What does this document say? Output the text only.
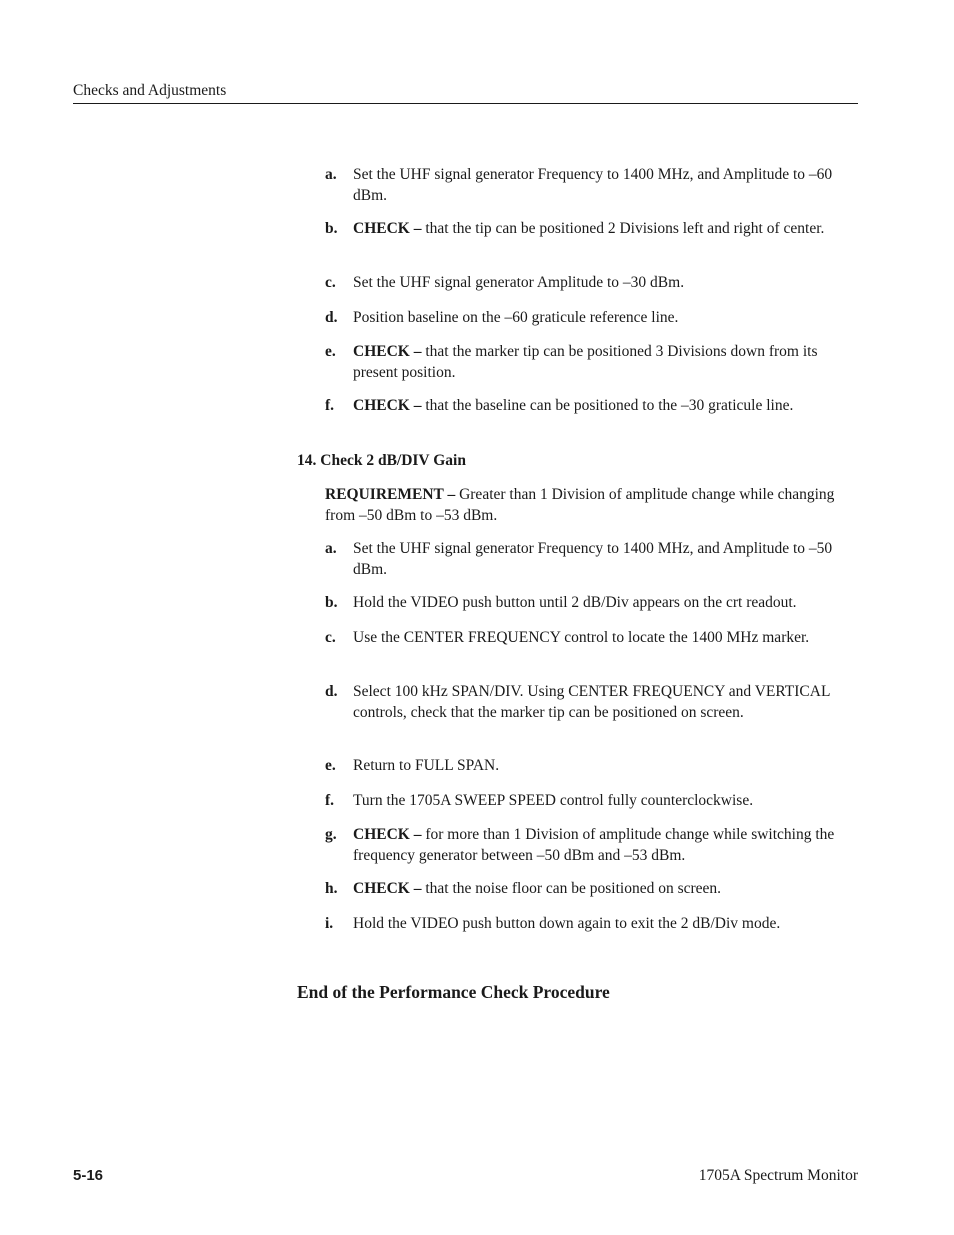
Checks and Adjustments
a.	Set the UHF signal generator Frequency to 1400 MHz, and Amplitude to –60 dBm.
b.	CHECK – that the tip can be positioned 2 Divisions left and right of center.
c.	Set the UHF signal generator Amplitude to –30 dBm.
d.	Position baseline on the –60 graticule reference line.
e.	CHECK – that the marker tip can be positioned 3 Divisions down from its present position.
f.	CHECK – that the baseline can be positioned to the –30 graticule line.
14. Check 2 dB/DIV Gain
REQUIREMENT – Greater than 1 Division of amplitude change while changing from –50 dBm to –53 dBm.
a.	Set the UHF signal generator Frequency to 1400 MHz, and Amplitude to –50 dBm.
b.	Hold the VIDEO push button until 2 dB/Div appears on the crt readout.
c.	Use the CENTER FREQUENCY control to locate the 1400 MHz marker.
d.	Select 100 kHz SPAN/DIV. Using CENTER FREQUENCY and VERTICAL controls, check that the marker tip can be positioned on screen.
e.	Return to FULL SPAN.
f.	Turn the 1705A SWEEP SPEED control fully counterclockwise.
g.	CHECK – for more than 1 Division of amplitude change while switching the frequency generator between –50 dBm and –53 dBm.
h.	CHECK – that the noise floor can be positioned on screen.
i.	Hold the VIDEO push button down again to exit the 2 dB/Div mode.
End of the Performance Check Procedure
5-16	1705A Spectrum Monitor
